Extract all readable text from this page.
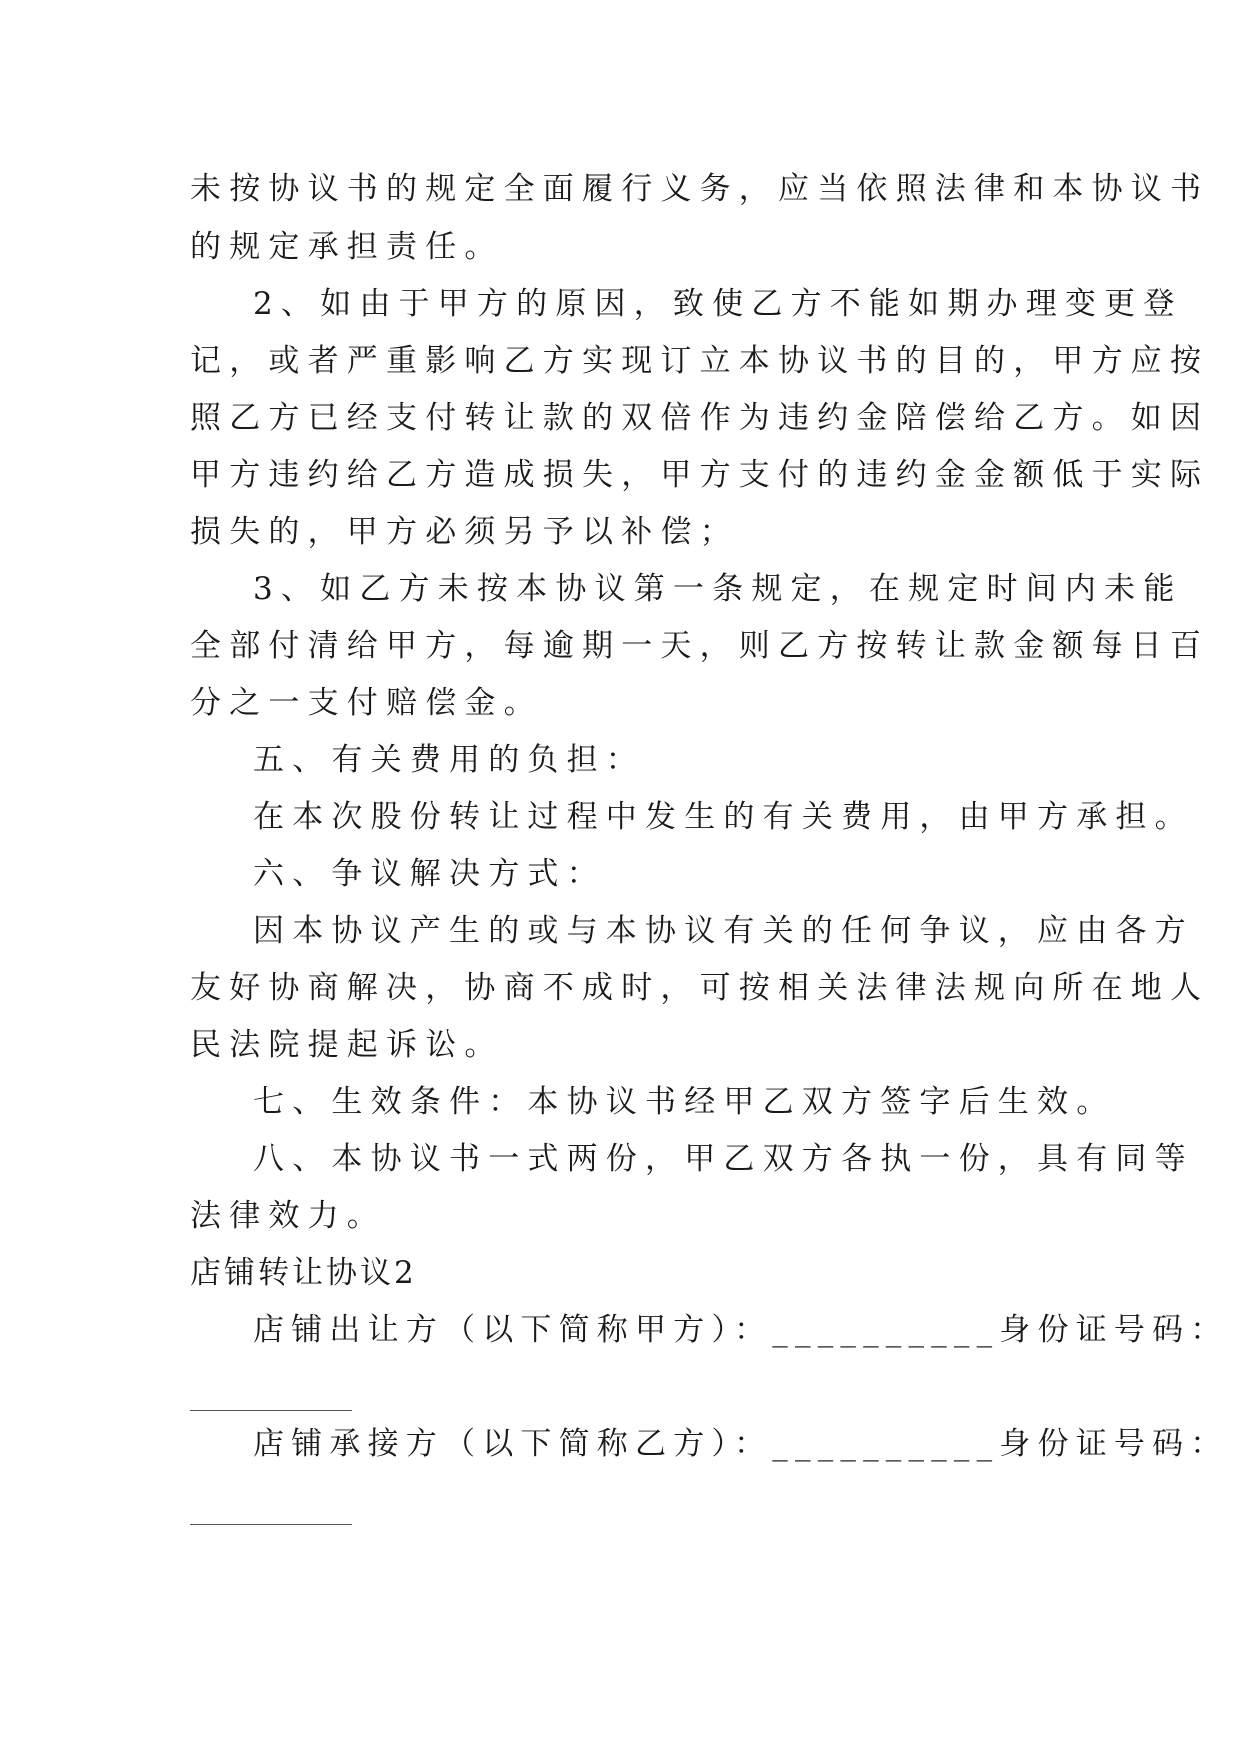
未按协议书的规定全面履行义务，应当依照法律和本协议书
的规定承担责任。
2、如由于甲方的原因，致使乙方不能如期办理变更登
记，或者严重影响乙方实现订立本协议书的目的，甲方应按
照乙方已经支付转让款的双倍作为违约金陪偿给乙方。如因
甲方违约给乙方造成损失，甲方支付的违约金金额低于实际
损失的，甲方必须另予以补偿；
3、如乙方未按本协议第一条规定，在规定时间内未能
全部付清给甲方，每逾期一天，则乙方按转让款金额每日百
分之一支付赔偿金。
五、有关费用的负担：
在本次股份转让过程中发生的有关费用，由甲方承担。
六、争议解决方式：
因本协议产生的或与本协议有关的任何争议，应由各方
友好协商解决，协商不成时，可按相关法律法规向所在地人
民法院提起诉讼。
七、生效条件：本协议书经甲乙双方签字后生效。
八、本协议书一式两份，甲乙双方各执一份，具有同等
法律效力。
店铺转让协议2
店铺出让方（以下简称甲方）：__________身份证号码：
店铺承接方（以下简称乙方）：__________身份证号码：
